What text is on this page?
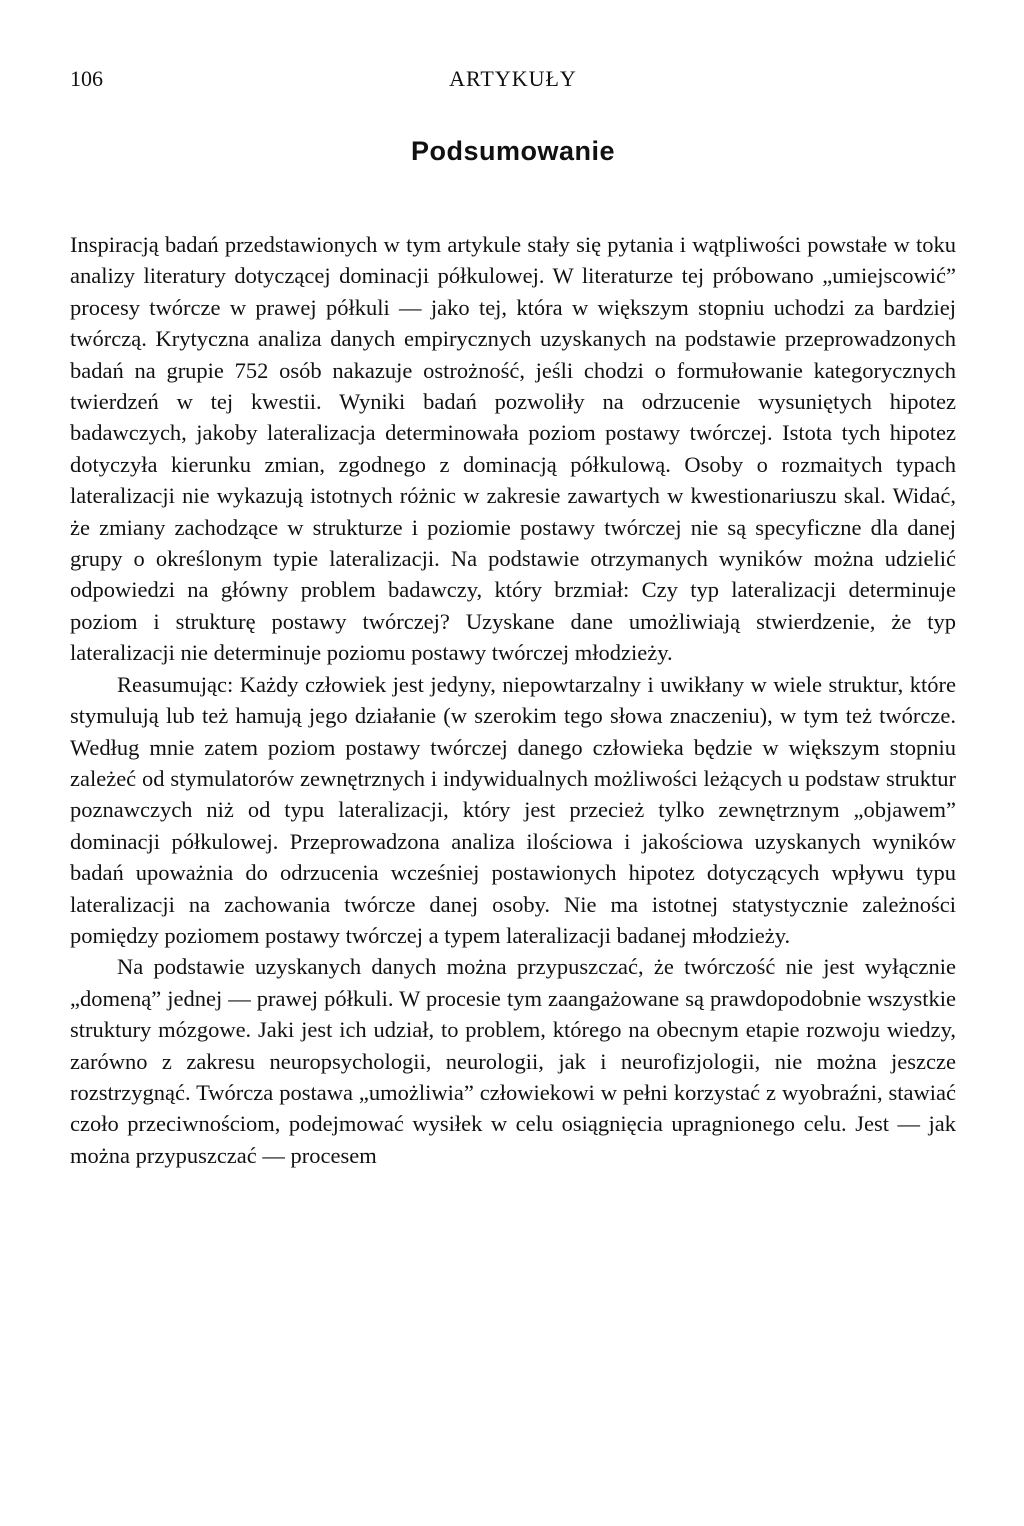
106	ARTYKUŁY
Podsumowanie

Inspiracją badań przedstawionych w tym artykule stały się pytania i wątpliwości powstałe w toku analizy literatury dotyczącej dominacji półkulowej. W literaturze tej próbowano „umiejscowić” procesy twórcze w prawej półkuli — jako tej, która w większym stopniu uchodzi za bardziej twórczą. Krytyczna analiza danych empirycznych uzyskanych na podstawie przeprowadzonych badań na grupie 752 osób nakazuje ostrożność, jeśli chodzi o formułowanie kategorycznych twierdzeń w tej kwestii. Wyniki badań pozwoliły na odrzucenie wysuniętych hipotez badawczych, jakoby lateralizacja determinowała poziom postawy twórczej. Istota tych hipotez dotyczyła kierunku zmian, zgodnego z dominacją półkulową. Osoby o rozmaitych typach lateralizacji nie wykazują istotnych różnic w zakresie zawartych w kwestionariuszu skal. Widać, że zmiany zachodzące w strukturze i poziomie postawy twórczej nie są specyficzne dla danej grupy o określonym typie lateralizacji. Na podstawie otrzymanych wyników można udzielić odpowiedzi na główny problem badawczy, który brzmiał: Czy typ lateralizacji determinuje poziom i strukturę postawy twórczej? Uzyskane dane umożliwiają stwierdzenie, że typ lateralizacji nie determinuje poziomu postawy twórczej młodzieży.

Reasumując: Każdy człowiek jest jedyny, niepowtarzalny i uwikłany w wiele struktur, które stymulują lub też hamują jego działanie (w szerokim tego słowa znaczeniu), w tym też twórcze. Według mnie zatem poziom postawy twórczej danego człowieka będzie w większym stopniu zależeć od stymulatorów zewnętrznych i indywidualnych możliwości leżących u podstaw struktur poznawczych niż od typu lateralizacji, który jest przecież tylko zewnętrznym „objawem” dominacji półkulowej. Przeprowadzona analiza ilościowa i jakościowa uzyskanych wyników badań upoważnia do odrzucenia wcześniej postawionych hipotez dotyczących wpływu typu lateralizacji na zachowania twórcze danej osoby. Nie ma istotnej statystycznie zależności pomiędzy poziomem postawy twórczej a typem lateralizacji badanej młodzieży.

Na podstawie uzyskanych danych można przypuszczać, że twórczość nie jest wyłącznie „domeną” jednej — prawej półkuli. W procesie tym zaangażowane są prawdopodobnie wszystkie struktury mózgowe. Jaki jest ich udział, to problem, którego na obecnym etapie rozwoju wiedzy, zarówno z zakresu neuropsychologii, neurologii, jak i neurofizjologii, nie można jeszcze rozstrzygnąć. Twórcza postawa „umożliwia” człowiekowi w pełni korzystać z wyobraźni, stawiać czoło przeciwnościom, podejmować wysiłek w celu osiągnięcia upragnionego celu. Jest — jak można przypuszczać — procesem
